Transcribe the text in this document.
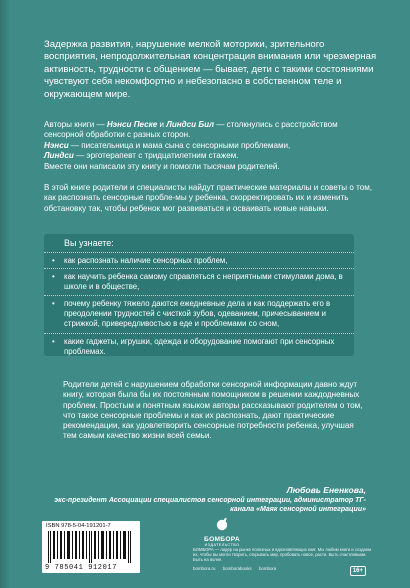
Задержка развития, нарушение мелкой моторики, зрительного восприятия, непродолжительная концентрация внимания или чрезмерная активность, трудности с общением — бывает, дети с такими состояниями чувствуют себя некомфортно и небезопасно в собственном теле и окружающем мире.

Авторы книги — Нэнси Песке и Линдси Бил — столкнулись с расстройством сенсорной обработки с разных сторон.
Нэнси — писательница и мама сына с сенсорными проблемами,
Линдси — эрготерапевт с тридцатилетним стажем.
Вместе они написали эту книгу и помогли тысячам родителей.

В этой книге родители и специалисты найдут практические материалы и советы о том, как распознать сенсорные пробле-мы у ребенка, скорректировать их и изменить обстановку так, чтобы ребенок мог развиваться и осваивать новые навыки.

Вы узнаете:

• как распознать наличие сенсорных проблем,

• как научить ребенка самому справляться с неприятными стимулами дома, в школе и в обществе,

• почему ребенку тяжело даются ежедневные дела и как поддержать его в преодолении трудностей с чисткой зубов, одеванием, причесыванием и стрижкой, привередливостью в еде и проблемами со сном,

• какие гаджеты, игрушки, одежда и оборудование помогают при сенсорных проблемах.

Родители детей с нарушением обработки сенсорной информации давно ждут книгу, которая была бы их постоянным помощником в решении каждодневных проблем. Простым и понятным языком авторы рассказывают родителям о том, что такое сенсорные проблемы и как их распознать, дают практические рекомендации, как удовлетворить сенсорные потребности ребенка, улучшая тем самым качество жизни всей семьи.

Любовь Ененкова,
экс-президент Ассоциации специалистов сенсорной интеграции, администратор ТГ-канала «Маяк сенсорной интеграции»
ISBN 978-5-04-191201-7
9 785041 912017
БОМБОРА
ИЗДАТЕЛЬСТВО

БОМБОРА — лидер на рынке полезных и вдохновляющих книг. Мы любим книги и создаем их, чтобы вы могли творить, открывать мир, пробовать новое, расти. Быть счастливыми. Быть на волне.

bombora.ru bomborabooks bombora	16+
